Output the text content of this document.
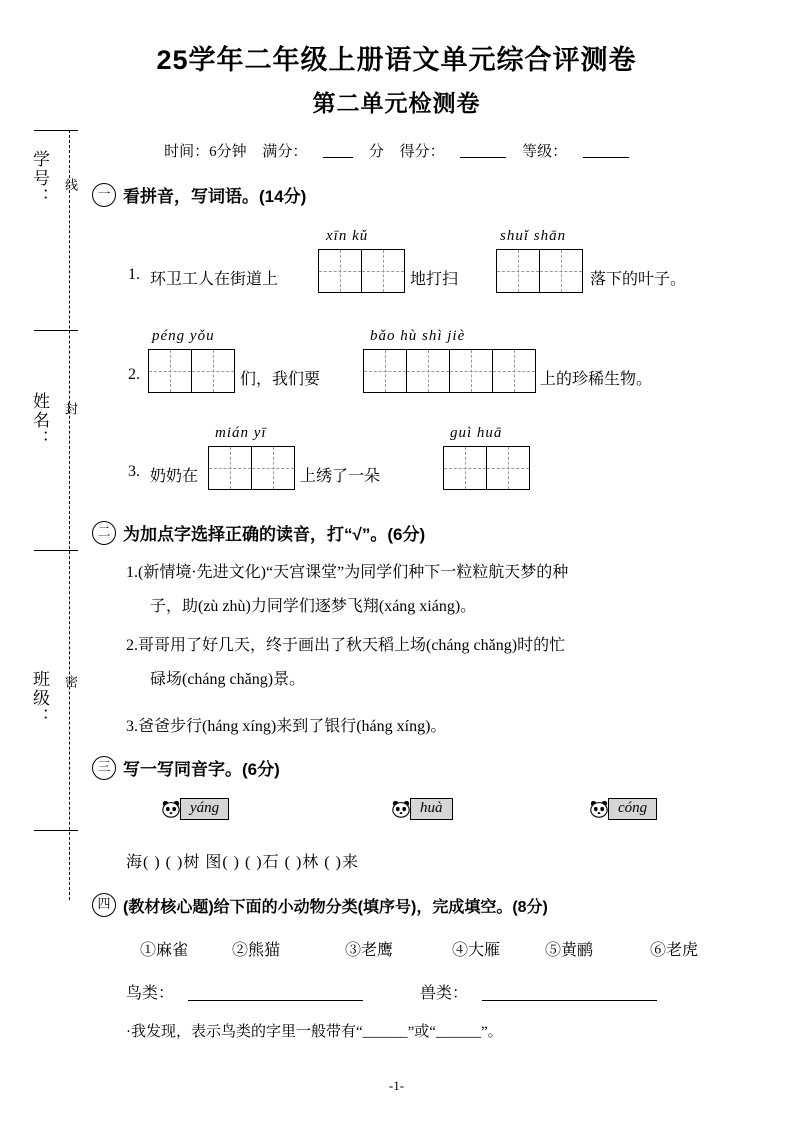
学号： 线
姓名： 封
班级： 密
25学年二年级上册语文单元综合评测卷
第二单元检测卷
时间：6分钟 满分：	分 得分：	等级：
一 看拼音，写词语。(14分)
1. 环卫工人在街道上
xīn kǔ
地打扫
shuǐ shān
落下的叶子。
2.
péng yǒu
们，我们要
bǎo hù shì jiè
上的珍稀生物。
3. 奶奶在
mián yī
上绣了一朵
guì huā
二 为加点字选择正确的读音，打“√”。(6分)
1.(新情境·先进文化)“天宫课堂”为同学们种下一粒粒航天梦的种
子，助(zù zhù)力同学们逐梦飞翔(xáng xiáng)。
2.哥哥用了好几天，终于画出了秋天稻上场(cháng chǎng)时的忙
碌场(cháng chǎng)景。
3.爸爸步行(háng xíng)来到了银行(háng xíng)。
三 写一写同音字。(6分)
yáng	huà	cóng
海( ) ( )树 图( ) ( )石 ( )林 ( )来
四 (教材核心题)给下面的小动物分类(填序号)，完成填空。(8分)
①麻雀	②熊猫	③老鹰	④大雁	⑤黄鹂	⑥老虎
鸟类：	兽类：
·我发现，表示鸟类的字里一般带有“______”或“______”。
-1-
